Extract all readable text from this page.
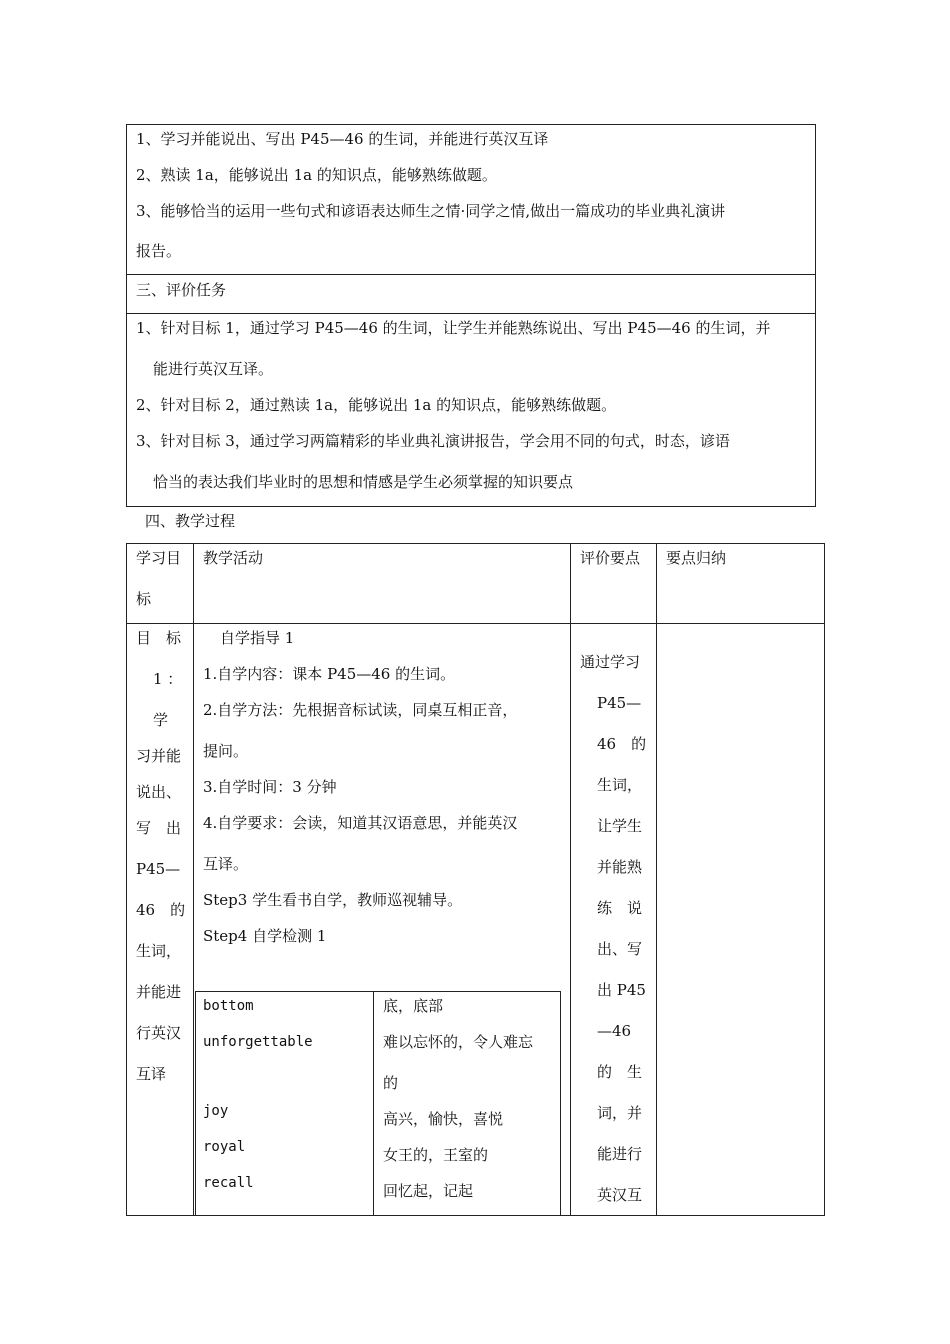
1、学习并能说出、写出 P45—46 的生词，并能进行英汉互译
2、熟读 1a，能够说出 1a 的知识点，能够熟练做题。
3、能够恰当的运用一些句式和谚语表达师生之情·同学之情,做出一篇成功的毕业典礼演讲
报告。
三、评价任务
1、针对目标 1，通过学习 P45—46 的生词，让学生并能熟练说出、写出 P45—46 的生词，并
能进行英汉互译。
2、针对目标 2，通过熟读 1a，能够说出 1a 的知识点，能够熟练做题。
3、针对目标 3，通过学习两篇精彩的毕业典礼演讲报告，学会用不同的句式，时态，谚语
恰当的表达我们毕业时的思想和情感是学生必须掌握的知识要点
四、教学过程
学习目
标
教学活动	评价要点 要点归纳
目　标
1 ：
学
习并能
说出、
写　出
P45—
46　的
生词，
并能进
行英汉
互译
自学指导 1
1.自学内容：课本 P45—46 的生词。
2.自学方法：先根据音标试读，同桌互相正音，
提问。
3.自学时间：3 分钟
4.自学要求：会读，知道其汉语意思，并能英汉
互译。
Step3 学生看书自学，教师巡视辅导。
Step4 自学检测 1
bottom
unforgettable
joy
royal
recall
底，底部
难以忘怀的，令人难忘
的
高兴，愉快，喜悦
女王的，王室的
回忆起，记起
通过学习
P45—
46　的
生词，
让学生
并能熟
练　说
出、写
出 P45
—46
的　生
词，并
能进行
英汉互
